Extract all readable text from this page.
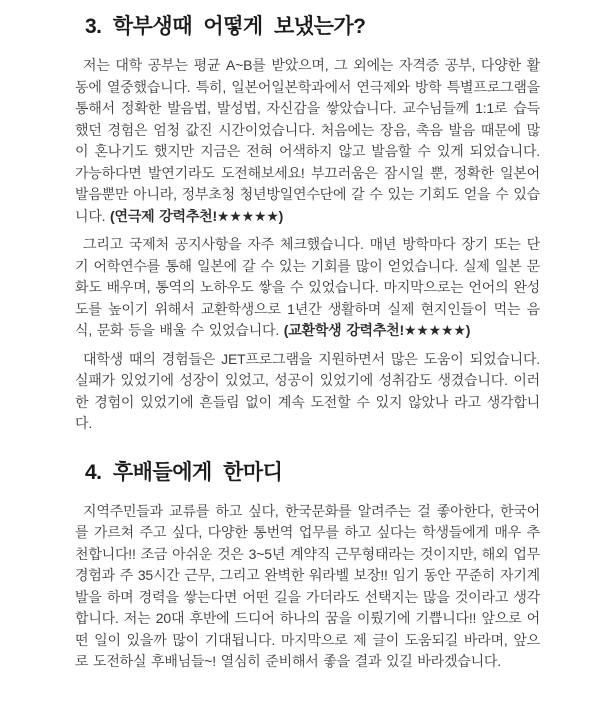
3. 학부생때 어떻게 보냈는가?

저는 대학 공부는 평균 A~B를 받았으며, 그 외에는 자격증 공부, 다양한 활동에 열중했습니다. 특히, 일본어일본학과에서 연극제와 방학 특별프로그램을 통해서 정확한 발음법, 발성법, 자신감을 쌓았습니다. 교수님들께 1:1로 습득했던 경험은 엄청 값진 시간이었습니다. 처음에는 장음, 촉음 발음 때문에 많이 혼나기도 했지만 지금은 전혀 어색하지 않고 발음할 수 있게 되었습니다. 가능하다면 발연기라도 도전해보세요! 부끄러움은 잠시일 뿐, 정확한 일본어 발음뿐만 아니라, 정부초청 청년방일연수단에 갈 수 있는 기회도 얻을 수 있습니다. (연극제 강력추천!★★★★★)

그리고 국제처 공지사항을 자주 체크했습니다. 매년 방학마다 장기 또는 단기 어학연수를 통해 일본에 갈 수 있는 기회를 많이 얻었습니다. 실제 일본 문화도 배우며, 통역의 노하우도 쌓을 수 있었습니다. 마지막으로는 언어의 완성도를 높이기 위해서 교환학생으로 1년간 생활하며 실제 현지인들이 먹는 음식, 문화 등을 배울 수 있었습니다. (교환학생 강력추천!★★★★★)

대학생 때의 경험들은 JET프로그램을 지원하면서 많은 도움이 되었습니다. 실패가 있었기에 성장이 있었고, 성공이 있었기에 성취감도 생겼습니다. 이러한 경험이 있었기에 흔들림 없이 계속 도전할 수 있지 않았나 라고 생각합니다.

4. 후배들에게 한마디

지역주민들과 교류를 하고 싶다, 한국문화를 알려주는 걸 좋아한다, 한국어를 가르쳐 주고 싶다, 다양한 통번역 업무를 하고 싶다는 학생들에게 매우 추천합니다!! 조금 아쉬운 것은 3~5년 계약직 근무형태라는 것이지만, 해외 업무 경험과 주 35시간 근무, 그리고 완벽한 워라벨 보장!! 임기 동안 꾸준히 자기계발을 하며 경력을 쌓는다면 어떤 길을 가더라도 선택지는 많을 것이라고 생각합니다. 저는 20대 후반에 드디어 하나의 꿈을 이뤘기에 기쁩니다!! 앞으로 어떤 일이 있을까 많이 기대됩니다. 마지막으로 제 글이 도움되길 바라며, 앞으로 도전하실 후배님들~! 열심히 준비해서 좋을 결과 있길 바라겠습니다.
